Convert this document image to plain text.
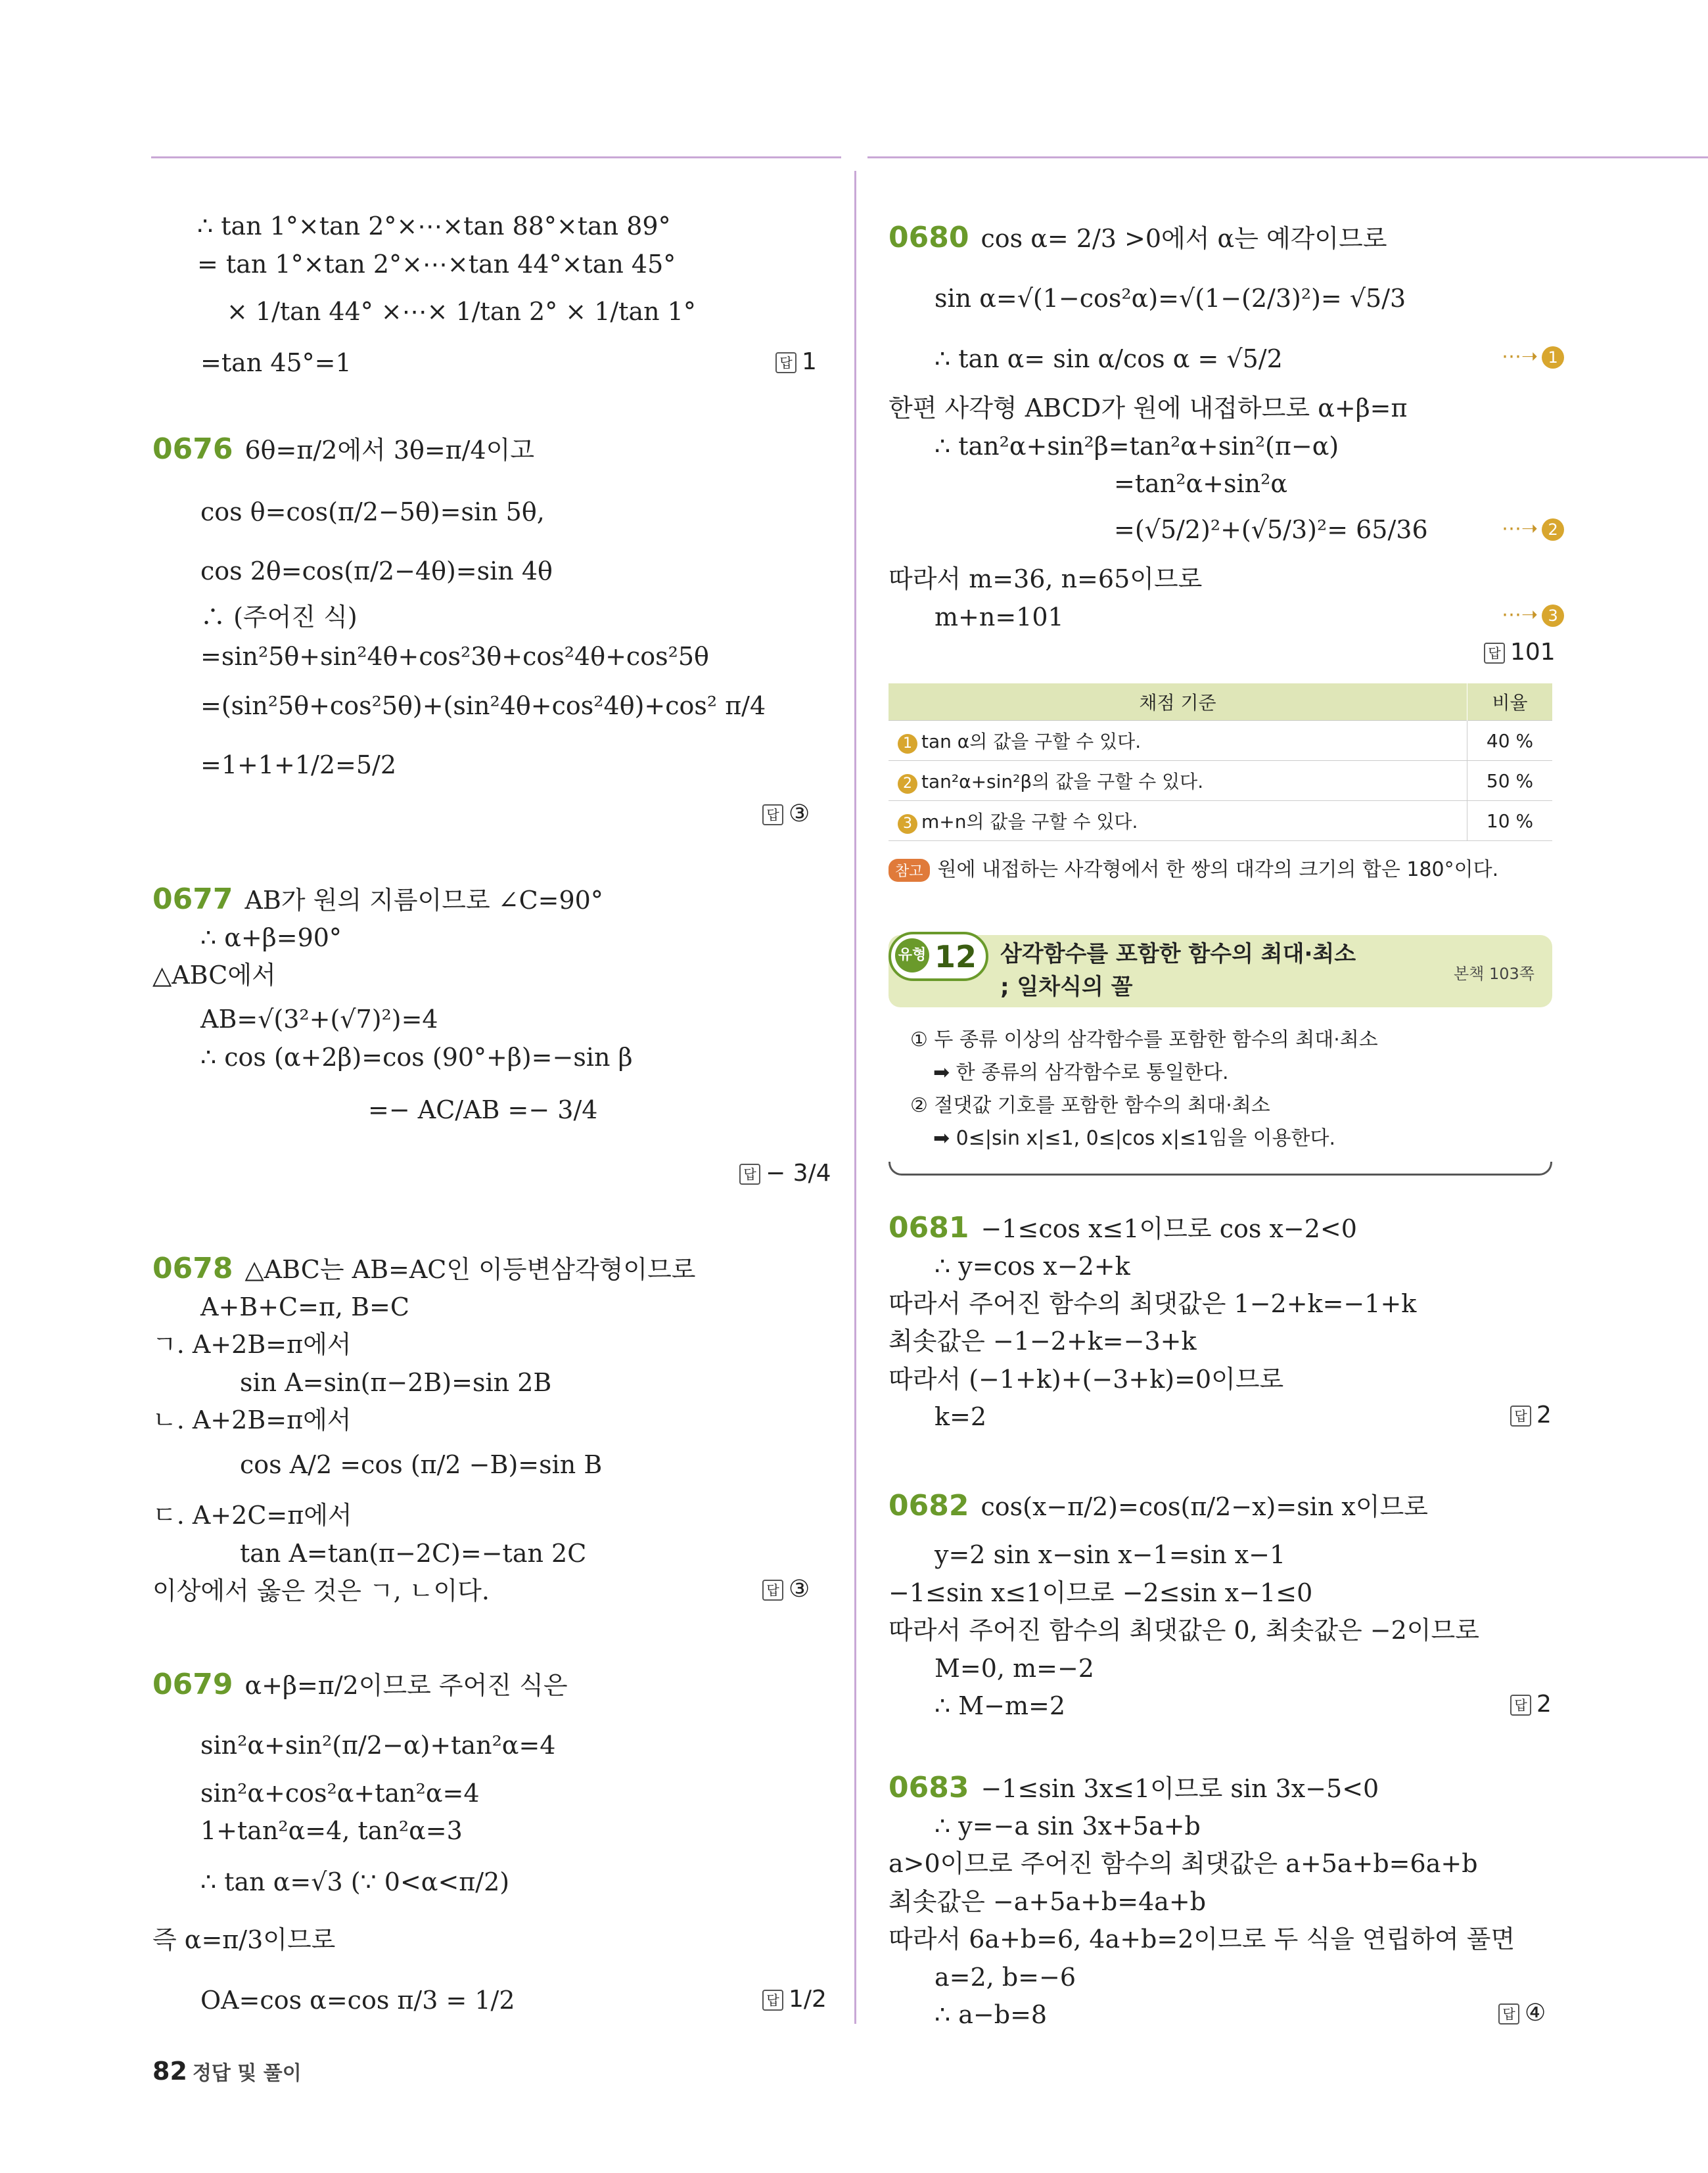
∴ tan 1°×tan 2°×⋯×tan 88°×tan 89°
= tan 1°×tan 2°×⋯×tan 44°×tan 45°
× 1/tan 44° ×⋯× 1/tan 2° × 1/tan 1°
=tan 45°=1	답 1
0676 6θ=π/2에서 3θ=π/4이고
cos θ=cos(π/2−5θ)=sin 5θ,
cos 2θ=cos(π/2−4θ)=sin 4θ
∴ (주어진 식)
=sin²5θ+sin²4θ+cos²3θ+cos²4θ+cos²5θ
=(sin²5θ+cos²5θ)+(sin²4θ+cos²4θ)+cos² π/4
=1+1+1/2=5/2
답 ③
0677 AB가 원의 지름이므로 ∠C=90°
∴ α+β=90°
△ABC에서
AB=√(3²+(√7)²)=4
∴ cos (α+2β)=cos (90°+β)=−sin β
=− AC/AB =− 3/4
답 − 3/4
0678 △ABC는 AB=AC인 이등변삼각형이므로
A+B+C=π, B=C
ㄱ. A+2B=π에서
sin A=sin(π−2B)=sin 2B
ㄴ. A+2B=π에서
cos A/2 =cos (π/2 −B)=sin B
ㄷ. A+2C=π에서
tan A=tan(π−2C)=−tan 2C
이상에서 옳은 것은 ㄱ, ㄴ이다.	답 ③
0679 α+β=π/2이므로 주어진 식은
sin²α+sin²(π/2−α)+tan²α=4
sin²α+cos²α+tan²α=4
1+tan²α=4, tan²α=3
∴ tan α=√3 (∵ 0<α<π/2)
즉 α=π/3이므로
OA=cos α=cos π/3 = 1/2	답 1/2
0680 cos α= 2/3 >0에서 α는 예각이므로
sin α=√(1−cos²α)=√(1−(2/3)²)= √5/3
∴ tan α= sin α/cos α = √5/2	⋯➝ 1
한편 사각형 ABCD가 원에 내접하므로 α+β=π
∴ tan²α+sin²β=tan²α+sin²(π−α)
=tan²α+sin²α
=(√5/2)²+(√5/3)²= 65/36	⋯➝ 2
따라서 m=36, n=65이므로
m+n=101	⋯➝ 3
답 101
채점 기준	비율
1 tan α의 값을 구할 수 있다.	40 %
2 tan²α+sin²β의 값을 구할 수 있다.	50 %
3 m+n의 값을 구할 수 있다.	10 %
참고 원에 내접하는 사각형에서 한 쌍의 대각의 크기의 합은 180°이다.
유형 12	삼각함수를 포함한 함수의 최대·최소
; 일차식의 꼴	본책 103쪽
① 두 종류 이상의 삼각함수를 포함한 함수의 최대·최소
➡ 한 종류의 삼각함수로 통일한다.
② 절댓값 기호를 포함한 함수의 최대·최소
➡ 0≤|sin x|≤1, 0≤|cos x|≤1임을 이용한다.
0681 −1≤cos x≤1이므로 cos x−2<0
∴ y=cos x−2+k
따라서 주어진 함수의 최댓값은 1−2+k=−1+k
최솟값은 −1−2+k=−3+k
따라서 (−1+k)+(−3+k)=0이므로
k=2	답 2
0682 cos(x−π/2)=cos(π/2−x)=sin x이므로
y=2 sin x−sin x−1=sin x−1
−1≤sin x≤1이므로 −2≤sin x−1≤0
따라서 주어진 함수의 최댓값은 0, 최솟값은 −2이므로
M=0, m=−2
∴ M−m=2	답 2
0683 −1≤sin 3x≤1이므로 sin 3x−5<0
∴ y=−a sin 3x+5a+b
a>0이므로 주어진 함수의 최댓값은 a+5a+b=6a+b
최솟값은 −a+5a+b=4a+b
따라서 6a+b=6, 4a+b=2이므로 두 식을 연립하여 풀면
a=2, b=−6
∴ a−b=8	답 ④
82 정답 및 풀이
